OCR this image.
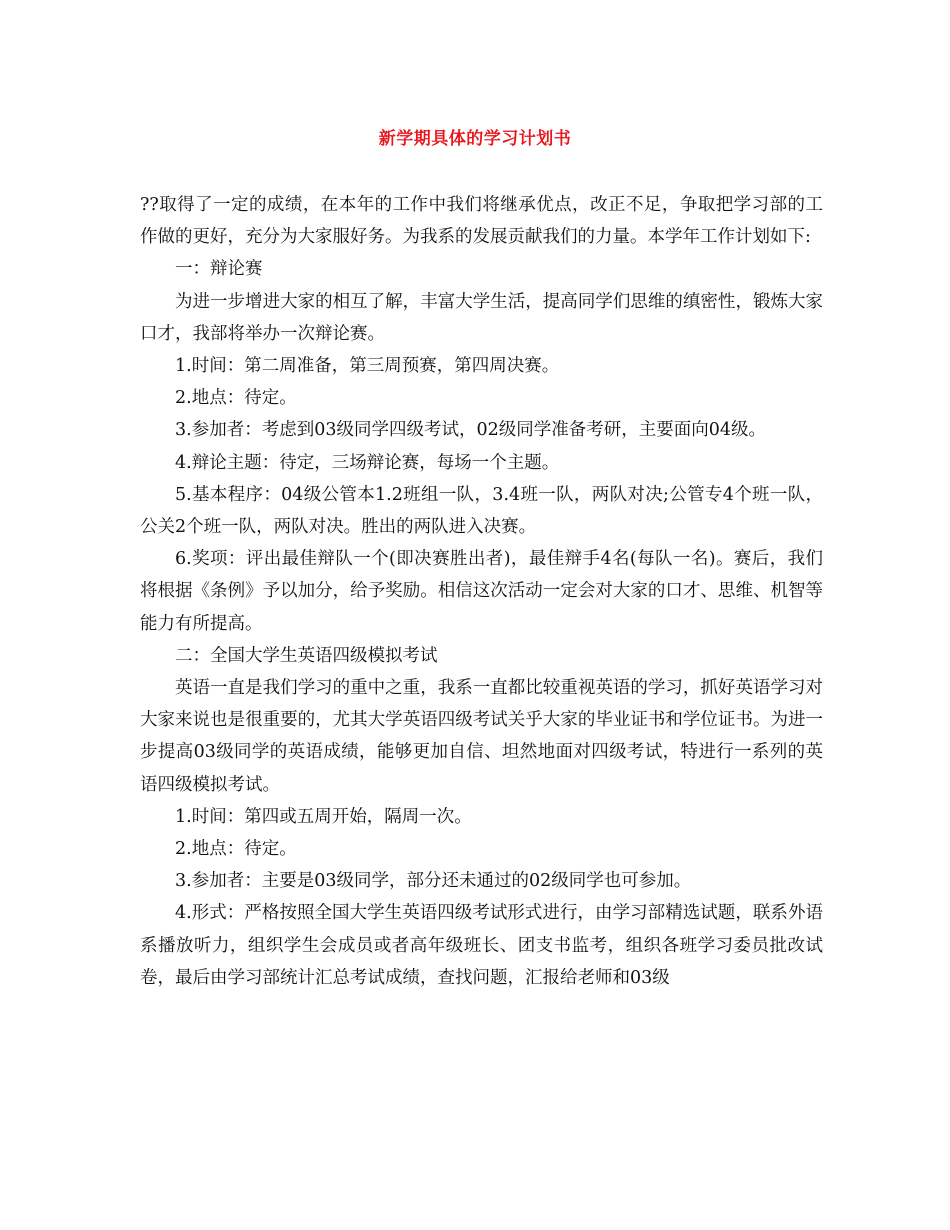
新学期具体的学习计划书

??取得了一定的成绩，在本年的工作中我们将继承优点，改正不足，争取把学习部的工作做的更好，充分为大家服好务。为我系的发展贡献我们的力量。本学年工作计划如下:

一：辩论赛

为进一步增进大家的相互了解，丰富大学生活，提高同学们思维的缜密性，锻炼大家口才，我部将举办一次辩论赛。

1.时间：第二周准备，第三周预赛，第四周决赛。

2.地点：待定。

3.参加者：考虑到03级同学四级考试，02级同学准备考研，主要面向04级。

4.辩论主题：待定，三场辩论赛，每场一个主题。

5.基本程序：04级公管本1.2班组一队，3.4班一队，两队对决;公管专4个班一队，公关2个班一队，两队对决。胜出的两队进入决赛。

6.奖项：评出最佳辩队一个(即决赛胜出者)，最佳辩手4名(每队一名)。赛后，我们将根据《条例》予以加分，给予奖励。相信这次活动一定会对大家的口才、思维、机智等能力有所提高。

二：全国大学生英语四级模拟考试

英语一直是我们学习的重中之重，我系一直都比较重视英语的学习，抓好英语学习对大家来说也是很重要的，尤其大学英语四级考试关乎大家的毕业证书和学位证书。为进一步提高03级同学的英语成绩，能够更加自信、坦然地面对四级考试，特进行一系列的英语四级模拟考试。

1.时间：第四或五周开始，隔周一次。

2.地点：待定。

3.参加者：主要是03级同学，部分还未通过的02级同学也可参加。

4.形式：严格按照全国大学生英语四级考试形式进行，由学习部精选试题，联系外语系播放听力，组织学生会成员或者高年级班长、团支书监考，组织各班学习委员批改试卷，最后由学习部统计汇总考试成绩，查找问题，汇报给老师和03级
